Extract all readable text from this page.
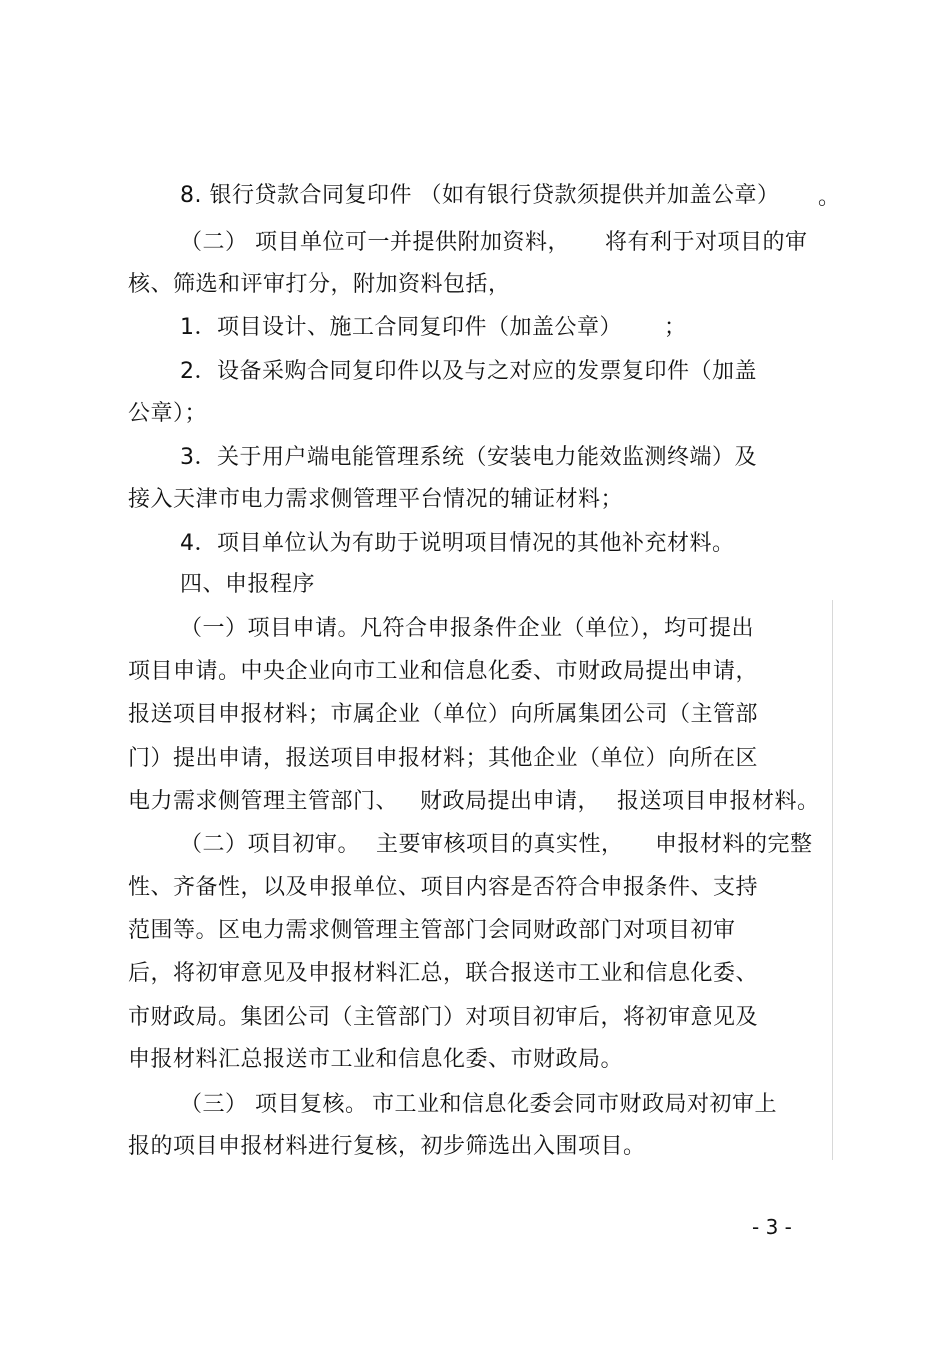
8. 银行贷款合同复印件 （如有银行贷款须提供并加盖公章） 。
（二） 项目单位可一并提供附加资料， 将有利于对项目的审
核、筛选和评审打分，附加资料包括，
1．项目设计、施工合同复印件（加盖公章） ；
2．设备采购合同复印件以及与之对应的发票复印件（加盖
公章）；
3．关于用户端电能管理系统（安装电力能效监测终端）及
接入天津市电力需求侧管理平台情况的辅证材料；
4．项目单位认为有助于说明项目情况的其他补充材料。
四、申报程序
（一）项目申请。凡符合申报条件企业（单位），均可提出
项目申请。中央企业向市工业和信息化委、市财政局提出申请，
报送项目申报材料；市属企业（单位）向所属集团公司（主管部
门）提出申请，报送项目申报材料；其他企业（单位）向所在区
电力需求侧管理主管部门、 财政局提出申请， 报送项目申报材料。
（二）项目初审。 主要审核项目的真实性， 申报材料的完整
性、齐备性，以及申报单位、项目内容是否符合申报条件、支持
范围等。区电力需求侧管理主管部门会同财政部门对项目初审
后，将初审意见及申报材料汇总，联合报送市工业和信息化委、
市财政局。集团公司（主管部门）对项目初审后，将初审意见及
申报材料汇总报送市工业和信息化委、市财政局。
（三） 项目复核。 市工业和信息化委会同市财政局对初审上
报的项目申报材料进行复核，初步筛选出入围项目。
- 3 -
